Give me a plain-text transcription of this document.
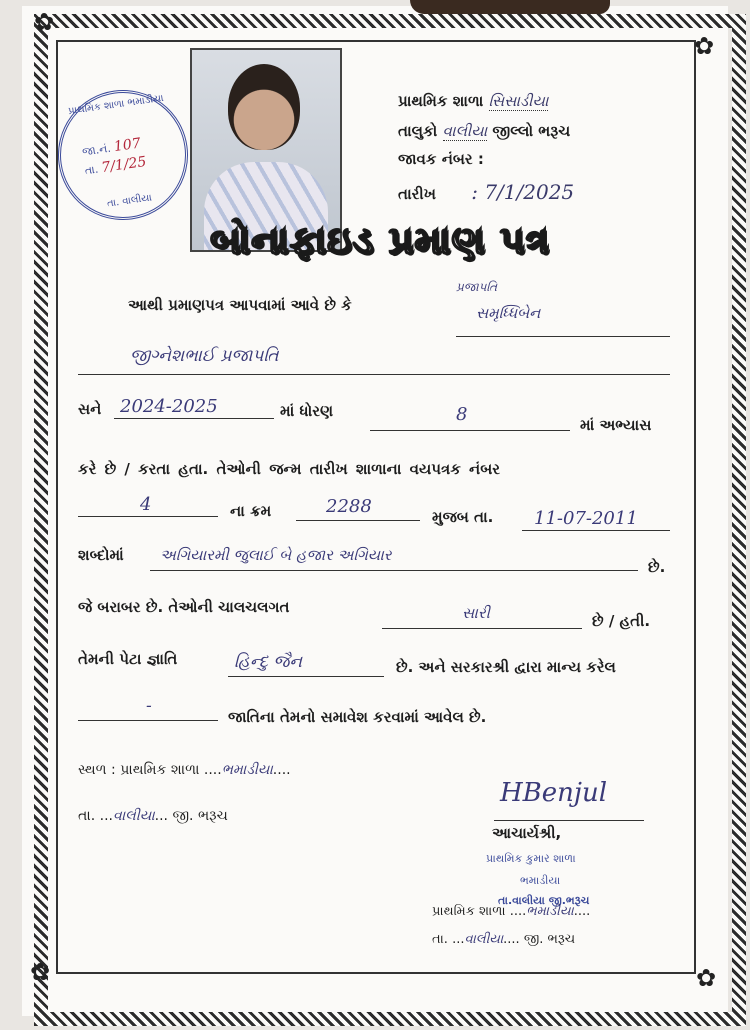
✿
✿
✿	✿
પ્રાથમિક શાળા ભમાડીયા
જા.નં. 107
તા. 7/1/25
તા. વાલીયા
પ્રાથમિક શાળા સિસાડીયા
તાલુકો વાલીયા જીલ્લો ભરૂચ
જાવક નંબર :
તારીખ : 7/1/2025
બોનાફાઇડ પ્રમાણ પત્ર
આથી પ્રમાણપત્ર આપવામાં આવે છે કે
પ્રજાપતિ
સમૃધ્ધિબેન
જીગ્નેશભાઈ પ્રજાપતિ
સને 2024-2025	માં ધોરણ	8	માં અભ્યાસ
કરે છે / કરતા હતા. તેઓની જન્મ તારીખ શાળાના વયપત્રક નંબર
4	ના ક્રમ	2288	મુજબ તા. 11-07-2011
શબ્દોમાં અગિયારમી જુલાઈ બે હજાર અગિયાર
છે.
જે બરાબર છે. તેઓની ચાલચલગત	સારી	છે / હતી.
તેમની પેટા જ્ઞાતિ	હિન્દુ જૈન	છે. અને સરકારશ્રી દ્વારા માન્ય કરેલ
-
જાતિના તેમનો સમાવેશ કરવામાં આવેલ છે.
સ્થળ : પ્રાથમિક શાળા ....ભમાડીયા....
તા. ...વાલીયા... જી. ભરૂચ
HBenjul
આચાર્યશ્રી,
પ્રાથમિક કુમાર શાળા
ભમાડીયા
તા.વાલીયા જી.ભરૂચ
પ્રાથમિક શાળા ....ભમાડીયા....
તા. ...વાલીયા.... જી. ભરૂચ
